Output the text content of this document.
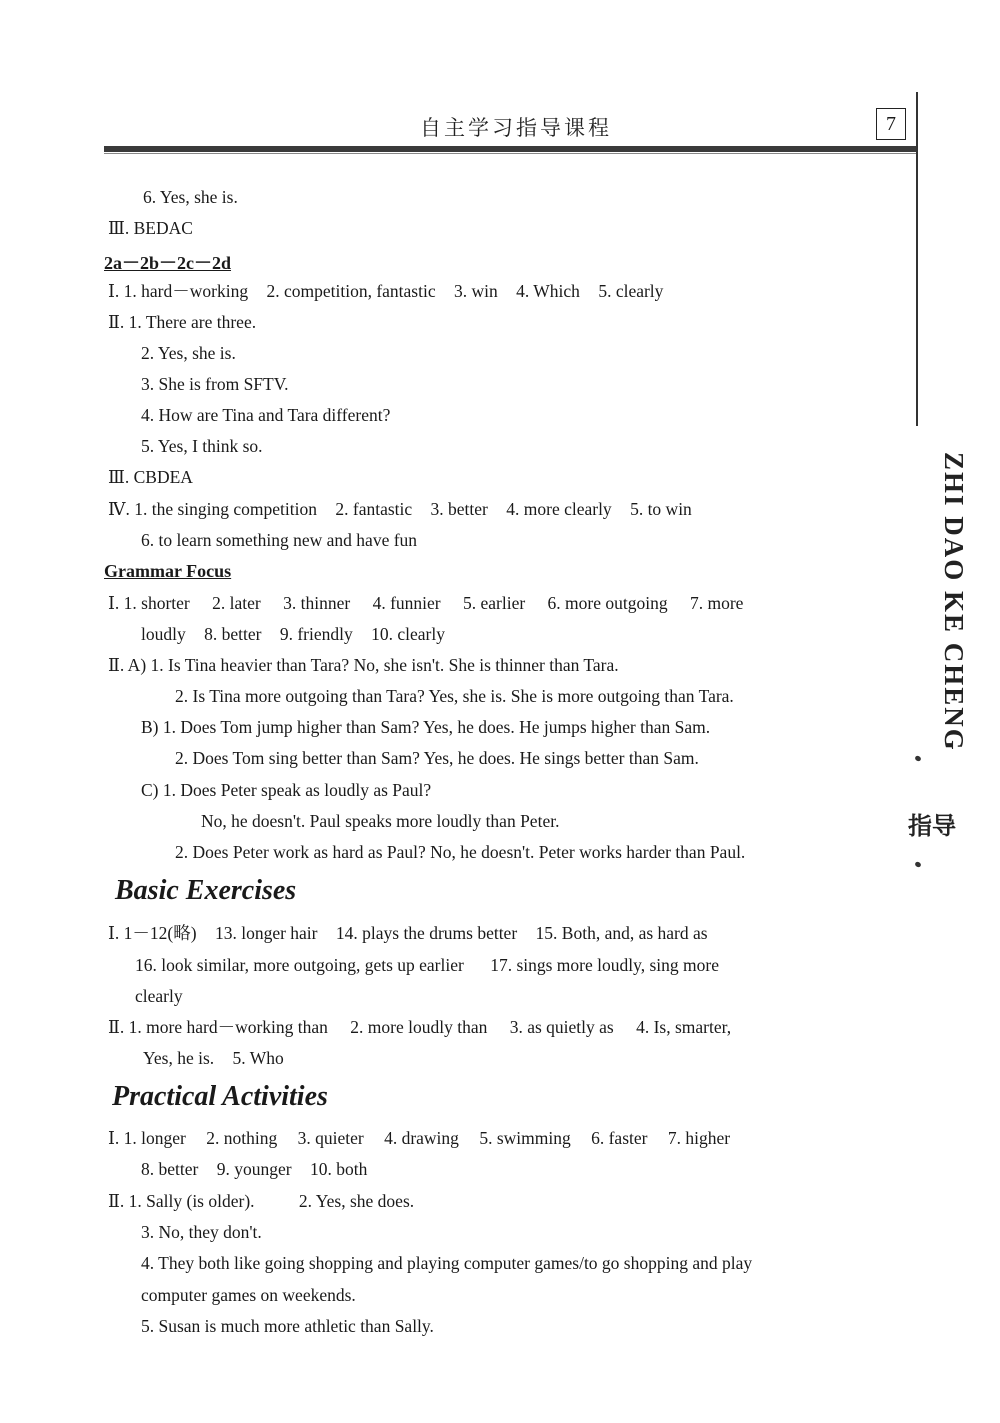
自主学习指导课程	7
ZHI DAO KE CHENG
指导
6. Yes, she is.
Ⅲ. BEDAC
2a－2b－2c－2d
Ⅰ. 1. hard－working 2. competition, fantastic 3. win 4. Which 5. clearly
Ⅱ. 1. There are three.
2. Yes, she is.
3. She is from SFTV.
4. How are Tina and Tara different?
5. Yes, I think so.
Ⅲ. CBDEA
Ⅳ. 1. the singing competition 2. fantastic 3. better 4. more clearly 5. to win
6. to learn something new and have fun
Grammar Focus
Ⅰ. 1. shorter 2. later 3. thinner 4. funnier 5. earlier 6. more outgoing 7. more
loudly 8. better 9. friendly 10. clearly
Ⅱ. A) 1. Is Tina heavier than Tara? No, she isn't. She is thinner than Tara.
2. Is Tina more outgoing than Tara? Yes, she is. She is more outgoing than Tara.
B) 1. Does Tom jump higher than Sam? Yes, he does. He jumps higher than Sam.
2. Does Tom sing better than Sam? Yes, he does. He sings better than Sam.
C) 1. Does Peter speak as loudly as Paul?
No, he doesn't. Paul speaks more loudly than Peter.
2. Does Peter work as hard as Paul? No, he doesn't. Peter works harder than Paul.
Basic Exercises
Ⅰ. 1－12(略) 13. longer hair 14. plays the drums better 15. Both, and, as hard as
16. look similar, more outgoing, gets up earlier 17. sings more loudly, sing more
clearly
Ⅱ. 1. more hard－working than 2. more loudly than 3. as quietly as 4. Is, smarter,
Yes, he is. 5. Who
Practical Activities
Ⅰ. 1. longer 2. nothing 3. quieter 4. drawing 5. swimming 6. faster 7. higher
8. better 9. younger 10. both
Ⅱ. 1. Sally (is older).	2. Yes, she does.
3. No, they don't.
4. They both like going shopping and playing computer games/to go shopping and play
computer games on weekends.
5. Susan is much more athletic than Sally.
